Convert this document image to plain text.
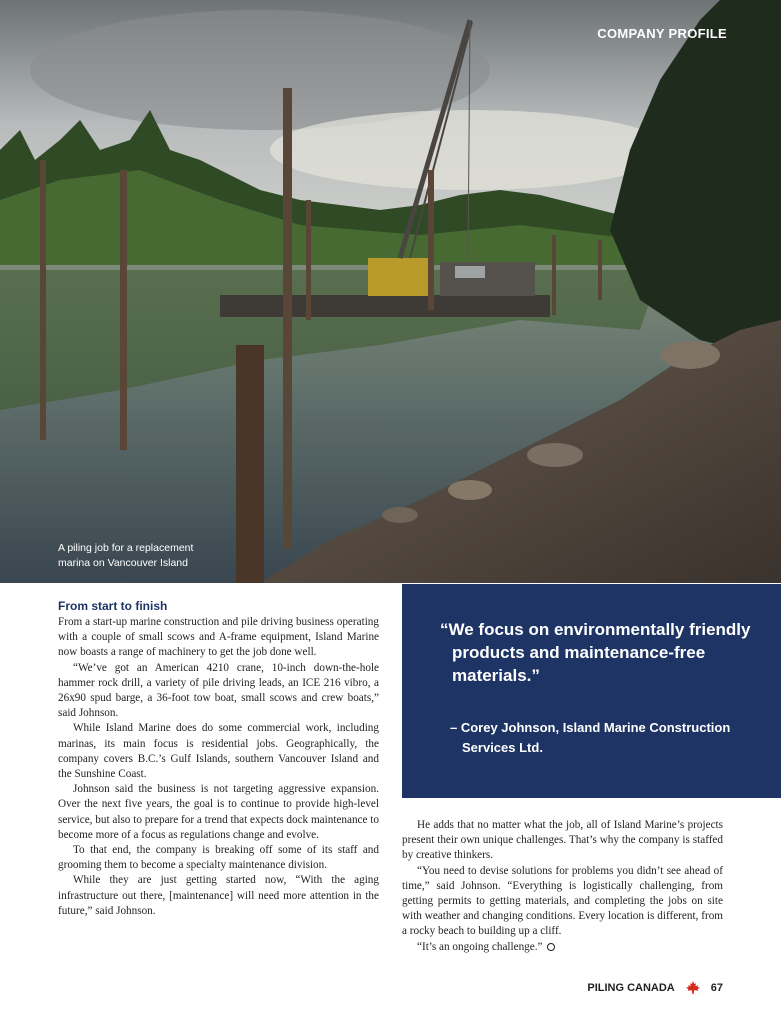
COMPANY PROFILE
A piling job for a replacement marina on Vancouver Island
From start to finish

From a start-up marine construction and pile driving business operating with a couple of small scows and A-frame equipment, Island Marine now boasts a range of machinery to get the job done well.

“We’ve got an American 4210 crane, 10-inch down-the-hole hammer rock drill, a variety of pile driving leads, an ICE 216 vibro, a 26x90 spud barge, a 36-foot tow boat, small scows and crew boats,” said Johnson.

While Island Marine does do some commercial work, including marinas, its main focus is residential jobs. Geographically, the company covers B.C.’s Gulf Islands, southern Vancouver Island and the Sunshine Coast.

Johnson said the business is not targeting aggressive expansion. Over the next five years, the goal is to continue to provide high-level service, but also to prepare for a trend that expects dock maintenance to become more of a focus as regulations change and evolve.

To that end, the company is breaking off some of its staff and grooming them to become a specialty maintenance division.

While they are just getting started now, “With the aging infrastructure out there, [maintenance] will need more attention in the future,” said Johnson.

“We focus on environmentally friendly products and maintenance-free materials.”
– Corey Johnson, Island Marine Construction Services Ltd.

He adds that no matter what the job, all of Island Marine’s projects present their own unique challenges. That’s why the company is staffed by creative thinkers.

“You need to devise solutions for problems you didn’t see ahead of time,” said Johnson. “Everything is logistically challenging, from getting permits to getting materials, and completing the jobs on site with weather and changing conditions. Every location is different, from a rocky beach to building up a cliff.

“It’s an ongoing challenge.”

PILING CANADA	67
